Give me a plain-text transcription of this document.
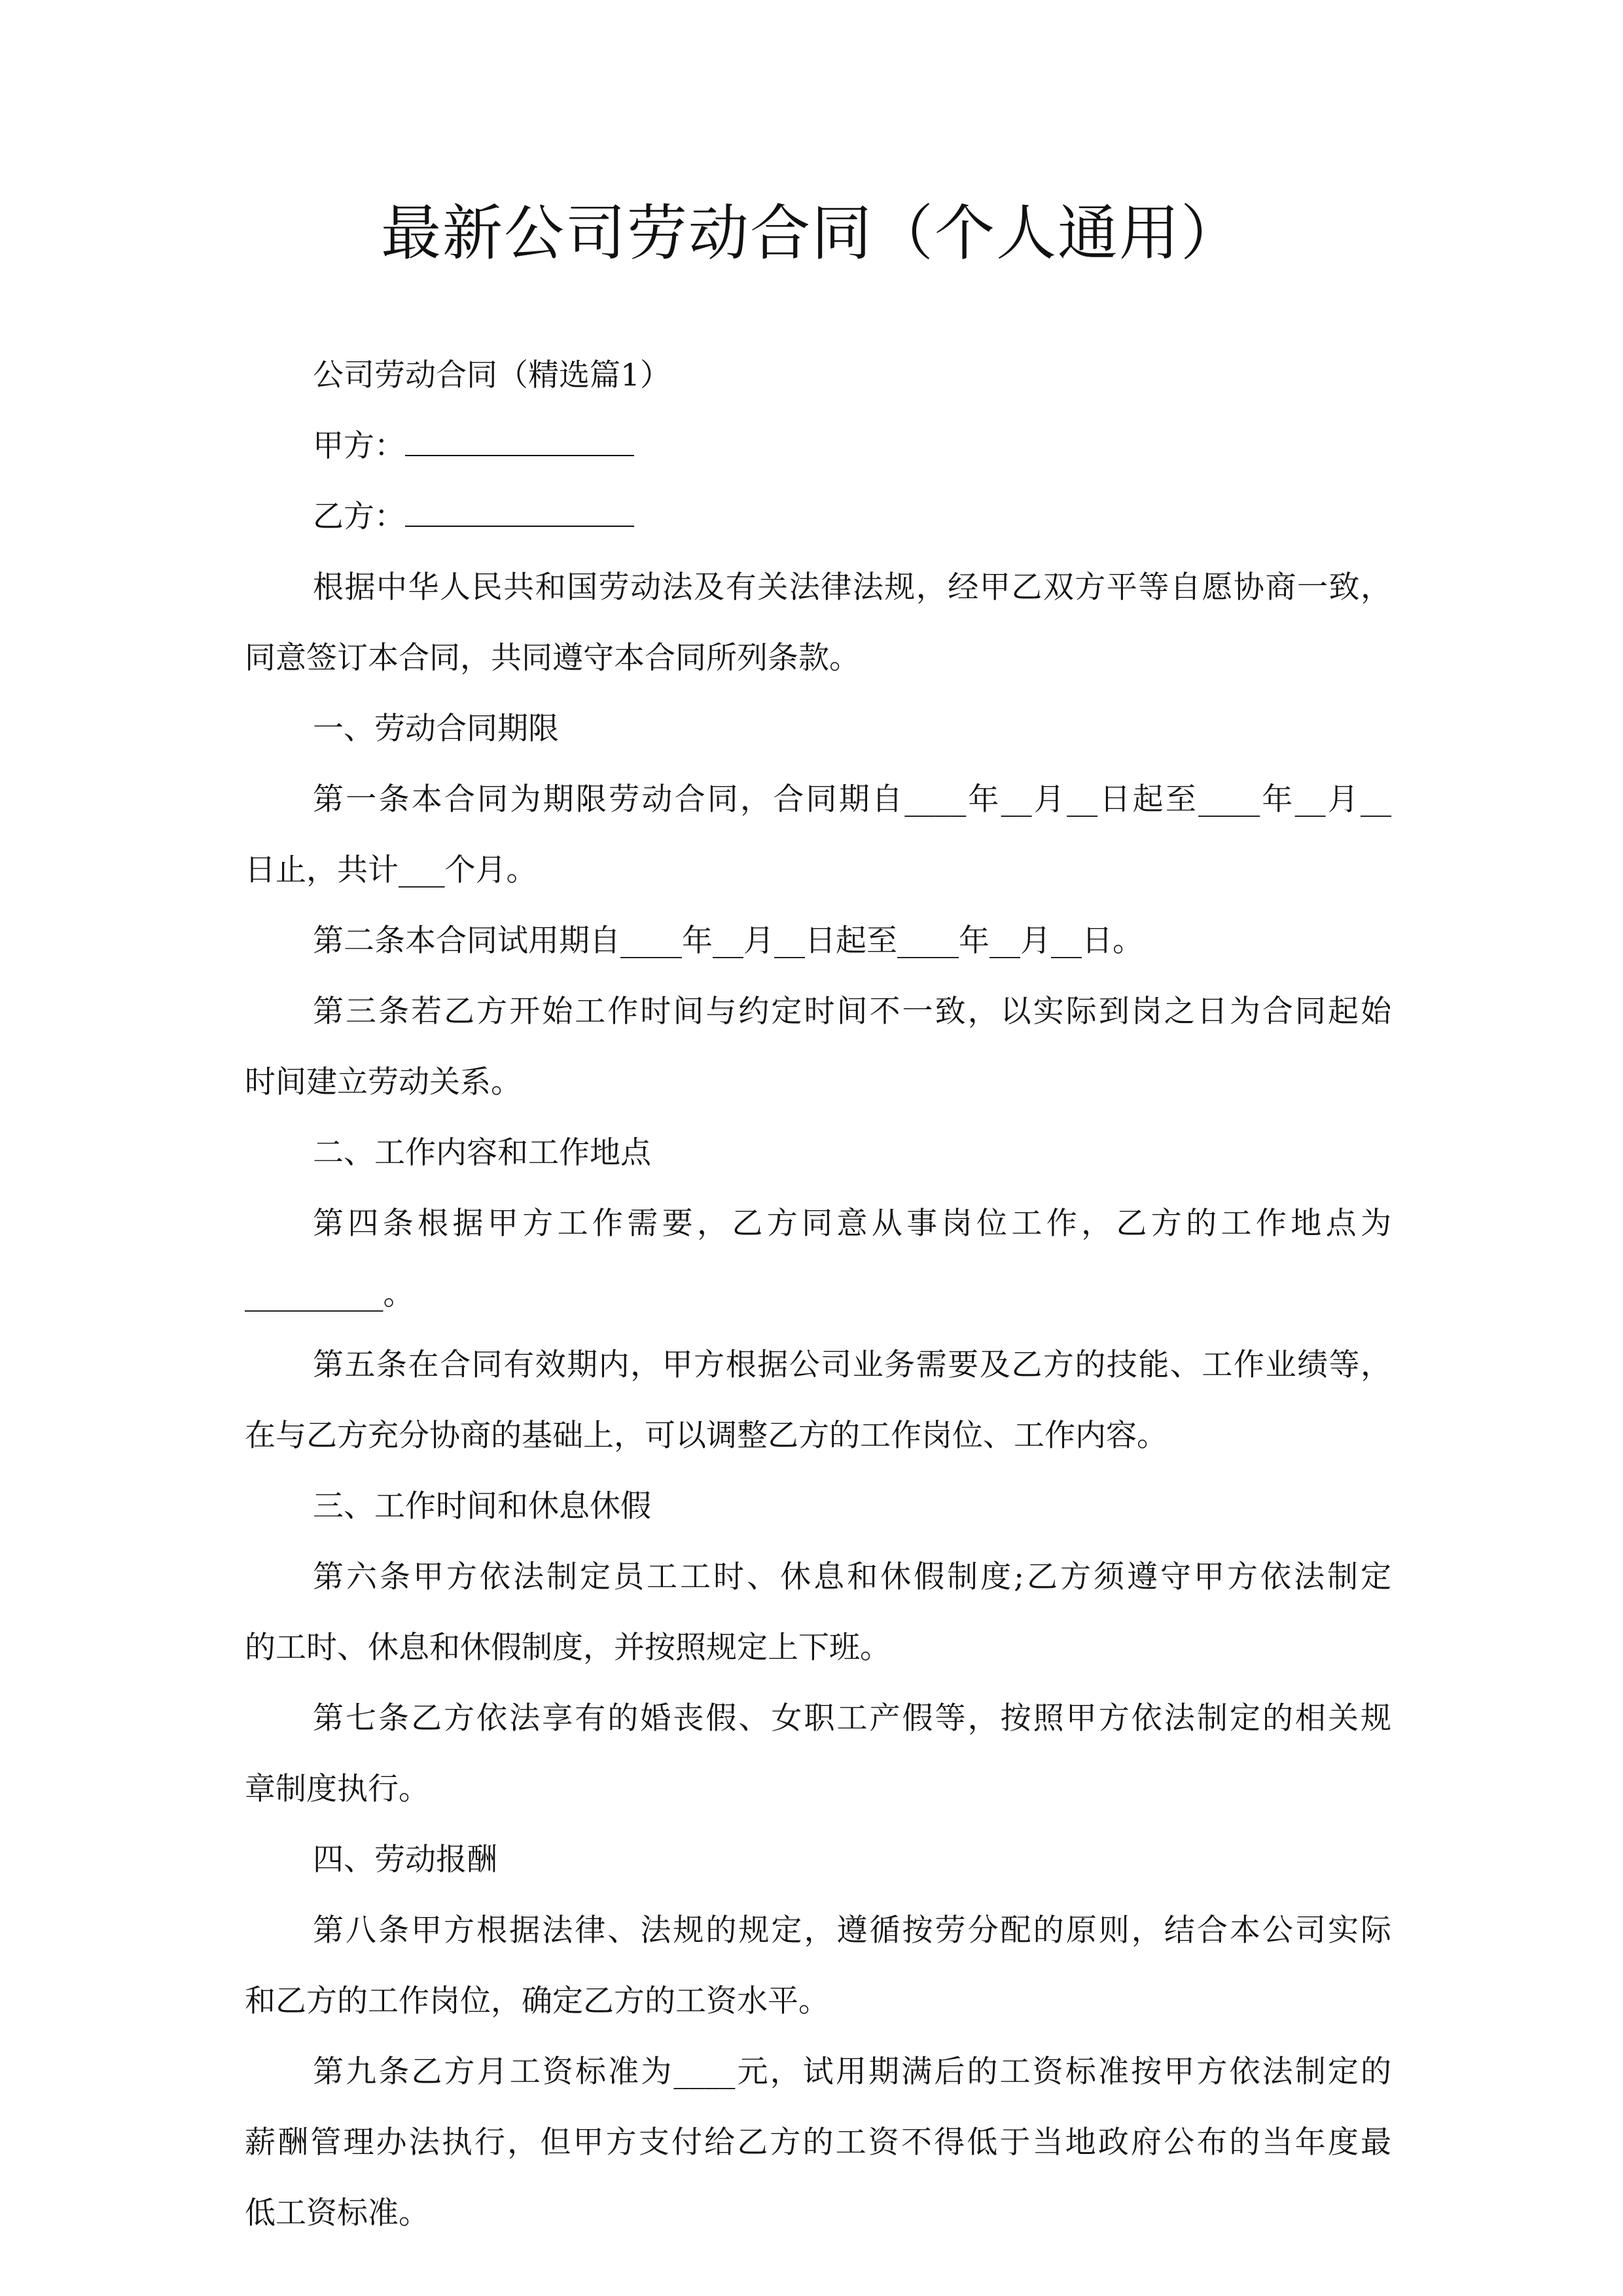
最新公司劳动合同（个人通用）
公司劳动合同（精选篇1）
甲方：
乙方：
根据中华人民共和国劳动法及有关法律法规，经甲乙双方平等自愿协商一致，
同意签订本合同，共同遵守本合同所列条款。
一、劳动合同期限
第一条本合同为期限劳动合同，合同期自____年__月__日起至____年__月__
日止，共计___个月。
第二条本合同试用期自____年__月__日起至____年__月__日。
第三条若乙方开始工作时间与约定时间不一致，以实际到岗之日为合同起始
时间建立劳动关系。
二、工作内容和工作地点
第四条根据甲方工作需要，乙方同意从事岗位工作，乙方的工作地点为
_________。
第五条在合同有效期内，甲方根据公司业务需要及乙方的技能、工作业绩等，
在与乙方充分协商的基础上，可以调整乙方的工作岗位、工作内容。
三、工作时间和休息休假
第六条甲方依法制定员工工时、休息和休假制度;乙方须遵守甲方依法制定
的工时、休息和休假制度，并按照规定上下班。
第七条乙方依法享有的婚丧假、女职工产假等，按照甲方依法制定的相关规
章制度执行。
四、劳动报酬
第八条甲方根据法律、法规的规定，遵循按劳分配的原则，结合本公司实际
和乙方的工作岗位，确定乙方的工资水平。
第九条乙方月工资标准为____元，试用期满后的工资标准按甲方依法制定的
薪酬管理办法执行，但甲方支付给乙方的工资不得低于当地政府公布的当年度最
低工资标准。
